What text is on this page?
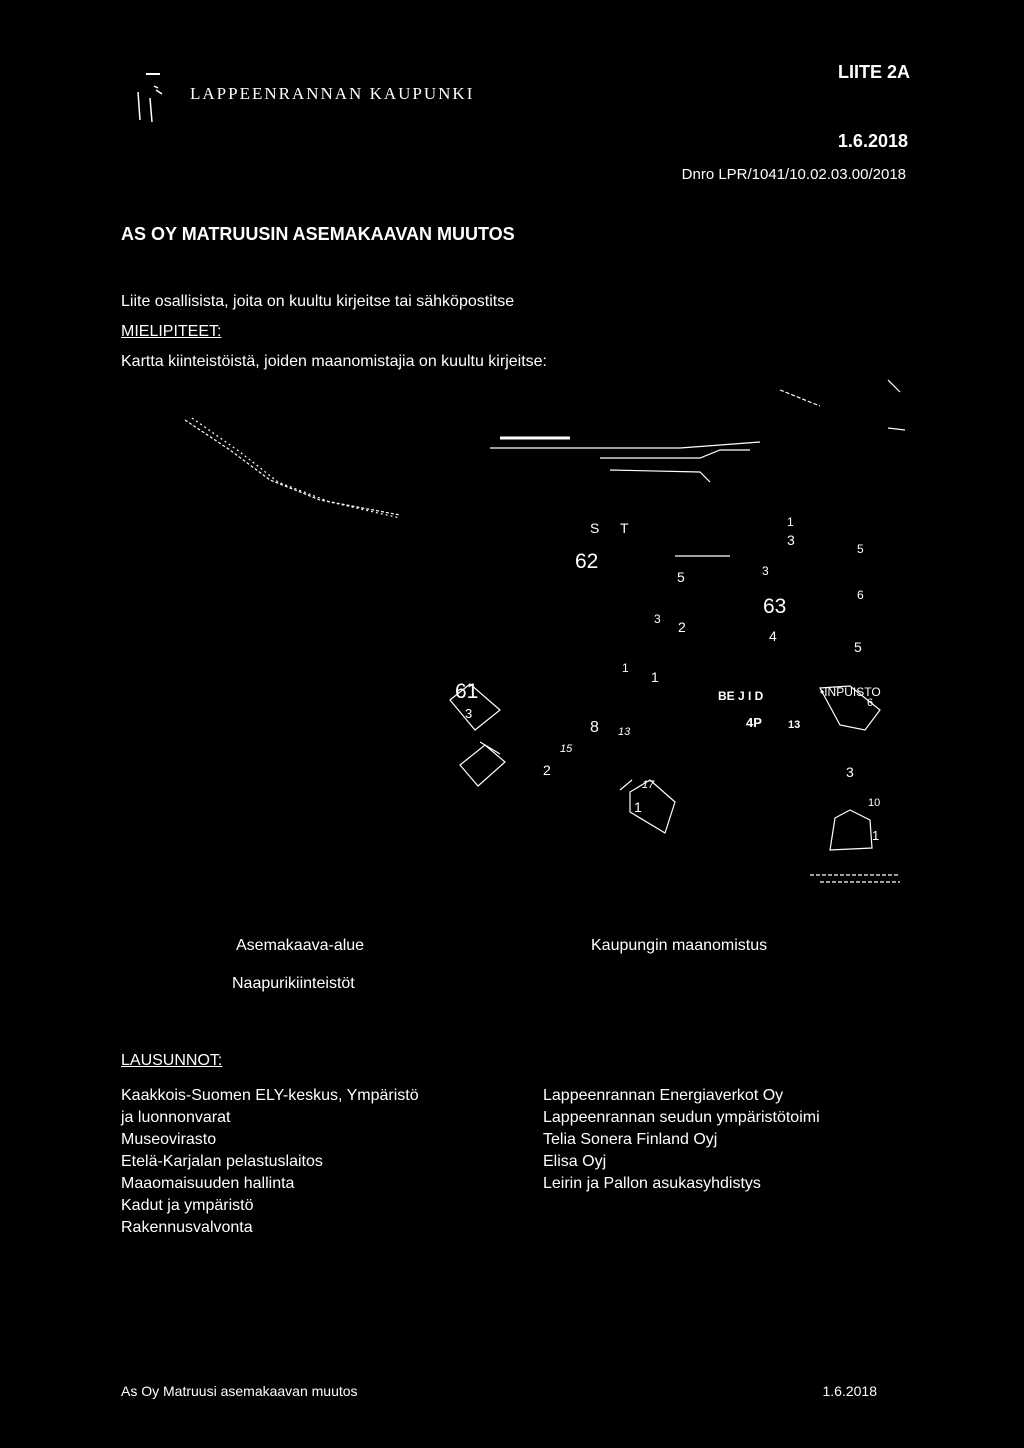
LAPPEENRANNAN KAUPUNKI
LIITE 2A
1.6.2018
Dnro LPR/1041/10.02.03.00/2018
AS OY MATRUUSIN ASEMAKAAVAN MUUTOS
Liite osallisista, joita on kuultu kirjeitse tai sähköpostitse
MIELIPITEET:
Kartta kiinteistöistä, joiden maanomistajia on kuultu kirjeitse:
62
63
61
S T	1
3
5
3
5
6
3 2
4
5
1
1
BE J I D	•INPUISTO
8 13
4P 13
15
2	3
17
1	10
1
6
3
Asemakaava-alue	Kaupungin maanomistus
Naapurikiinteistöt
LAUSUNNOT:
Kaakkois-Suomen ELY-keskus, Ympäristö
ja luonnonvarat
Museovirasto
Etelä-Karjalan pelastuslaitos
Maaomaisuuden hallinta
Kadut ja ympäristö
Rakennusvalvonta
Lappeenrannan Energiaverkot Oy
Lappeenrannan seudun ympäristötoimi
Telia Sonera Finland Oyj
Elisa Oyj
Leirin ja Pallon asukasyhdistys
As Oy Matruusi asemakaavan muutos	1.6.2018
